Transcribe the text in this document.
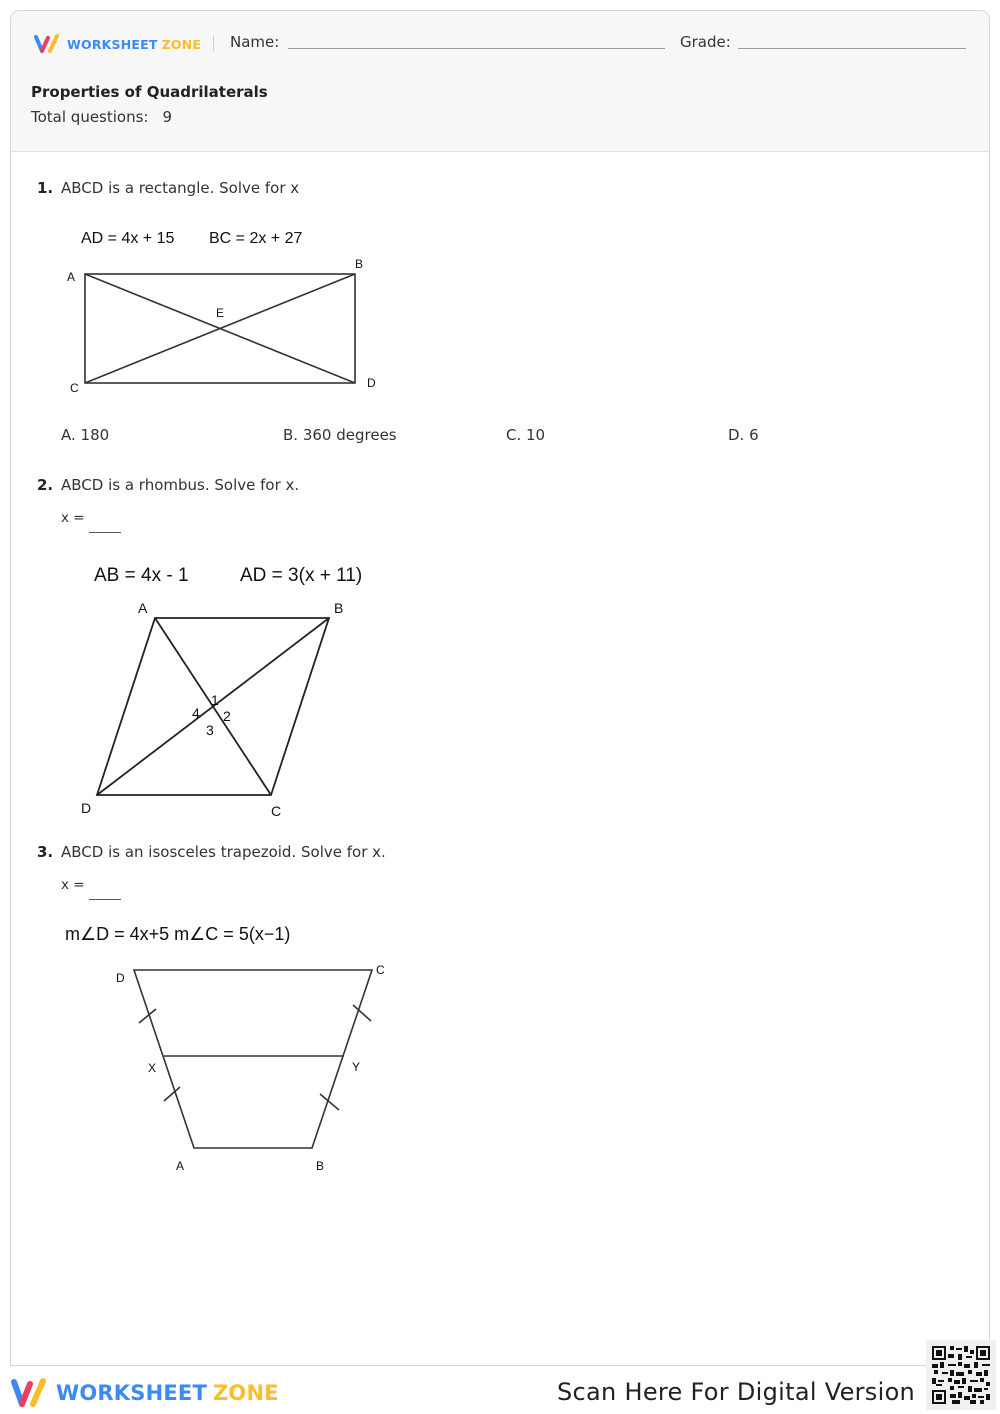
WORKSHEET ZONE Name:	Grade:
Properties of Quadrilaterals
Total questions: 9
1. ABCD is a rectangle. Solve for x
AD = 4x + 15 BC = 2x + 27
A
B
C	D
E
A. 180	B. 360 degrees	C. 10	D. 6
2. ABCD is a rhombus. Solve for x.
x =
AB = 4x - 1	AD = 3(x + 11)
A	B
C
D
1
2
3
4
3. ABCD is an isosceles trapezoid. Solve for x.
x =
m∠D = 4x+5 m∠C = 5(x−1)
D
C
A	B
X	Y
WORKSHEET ZONE	Scan Here For Digital Version
